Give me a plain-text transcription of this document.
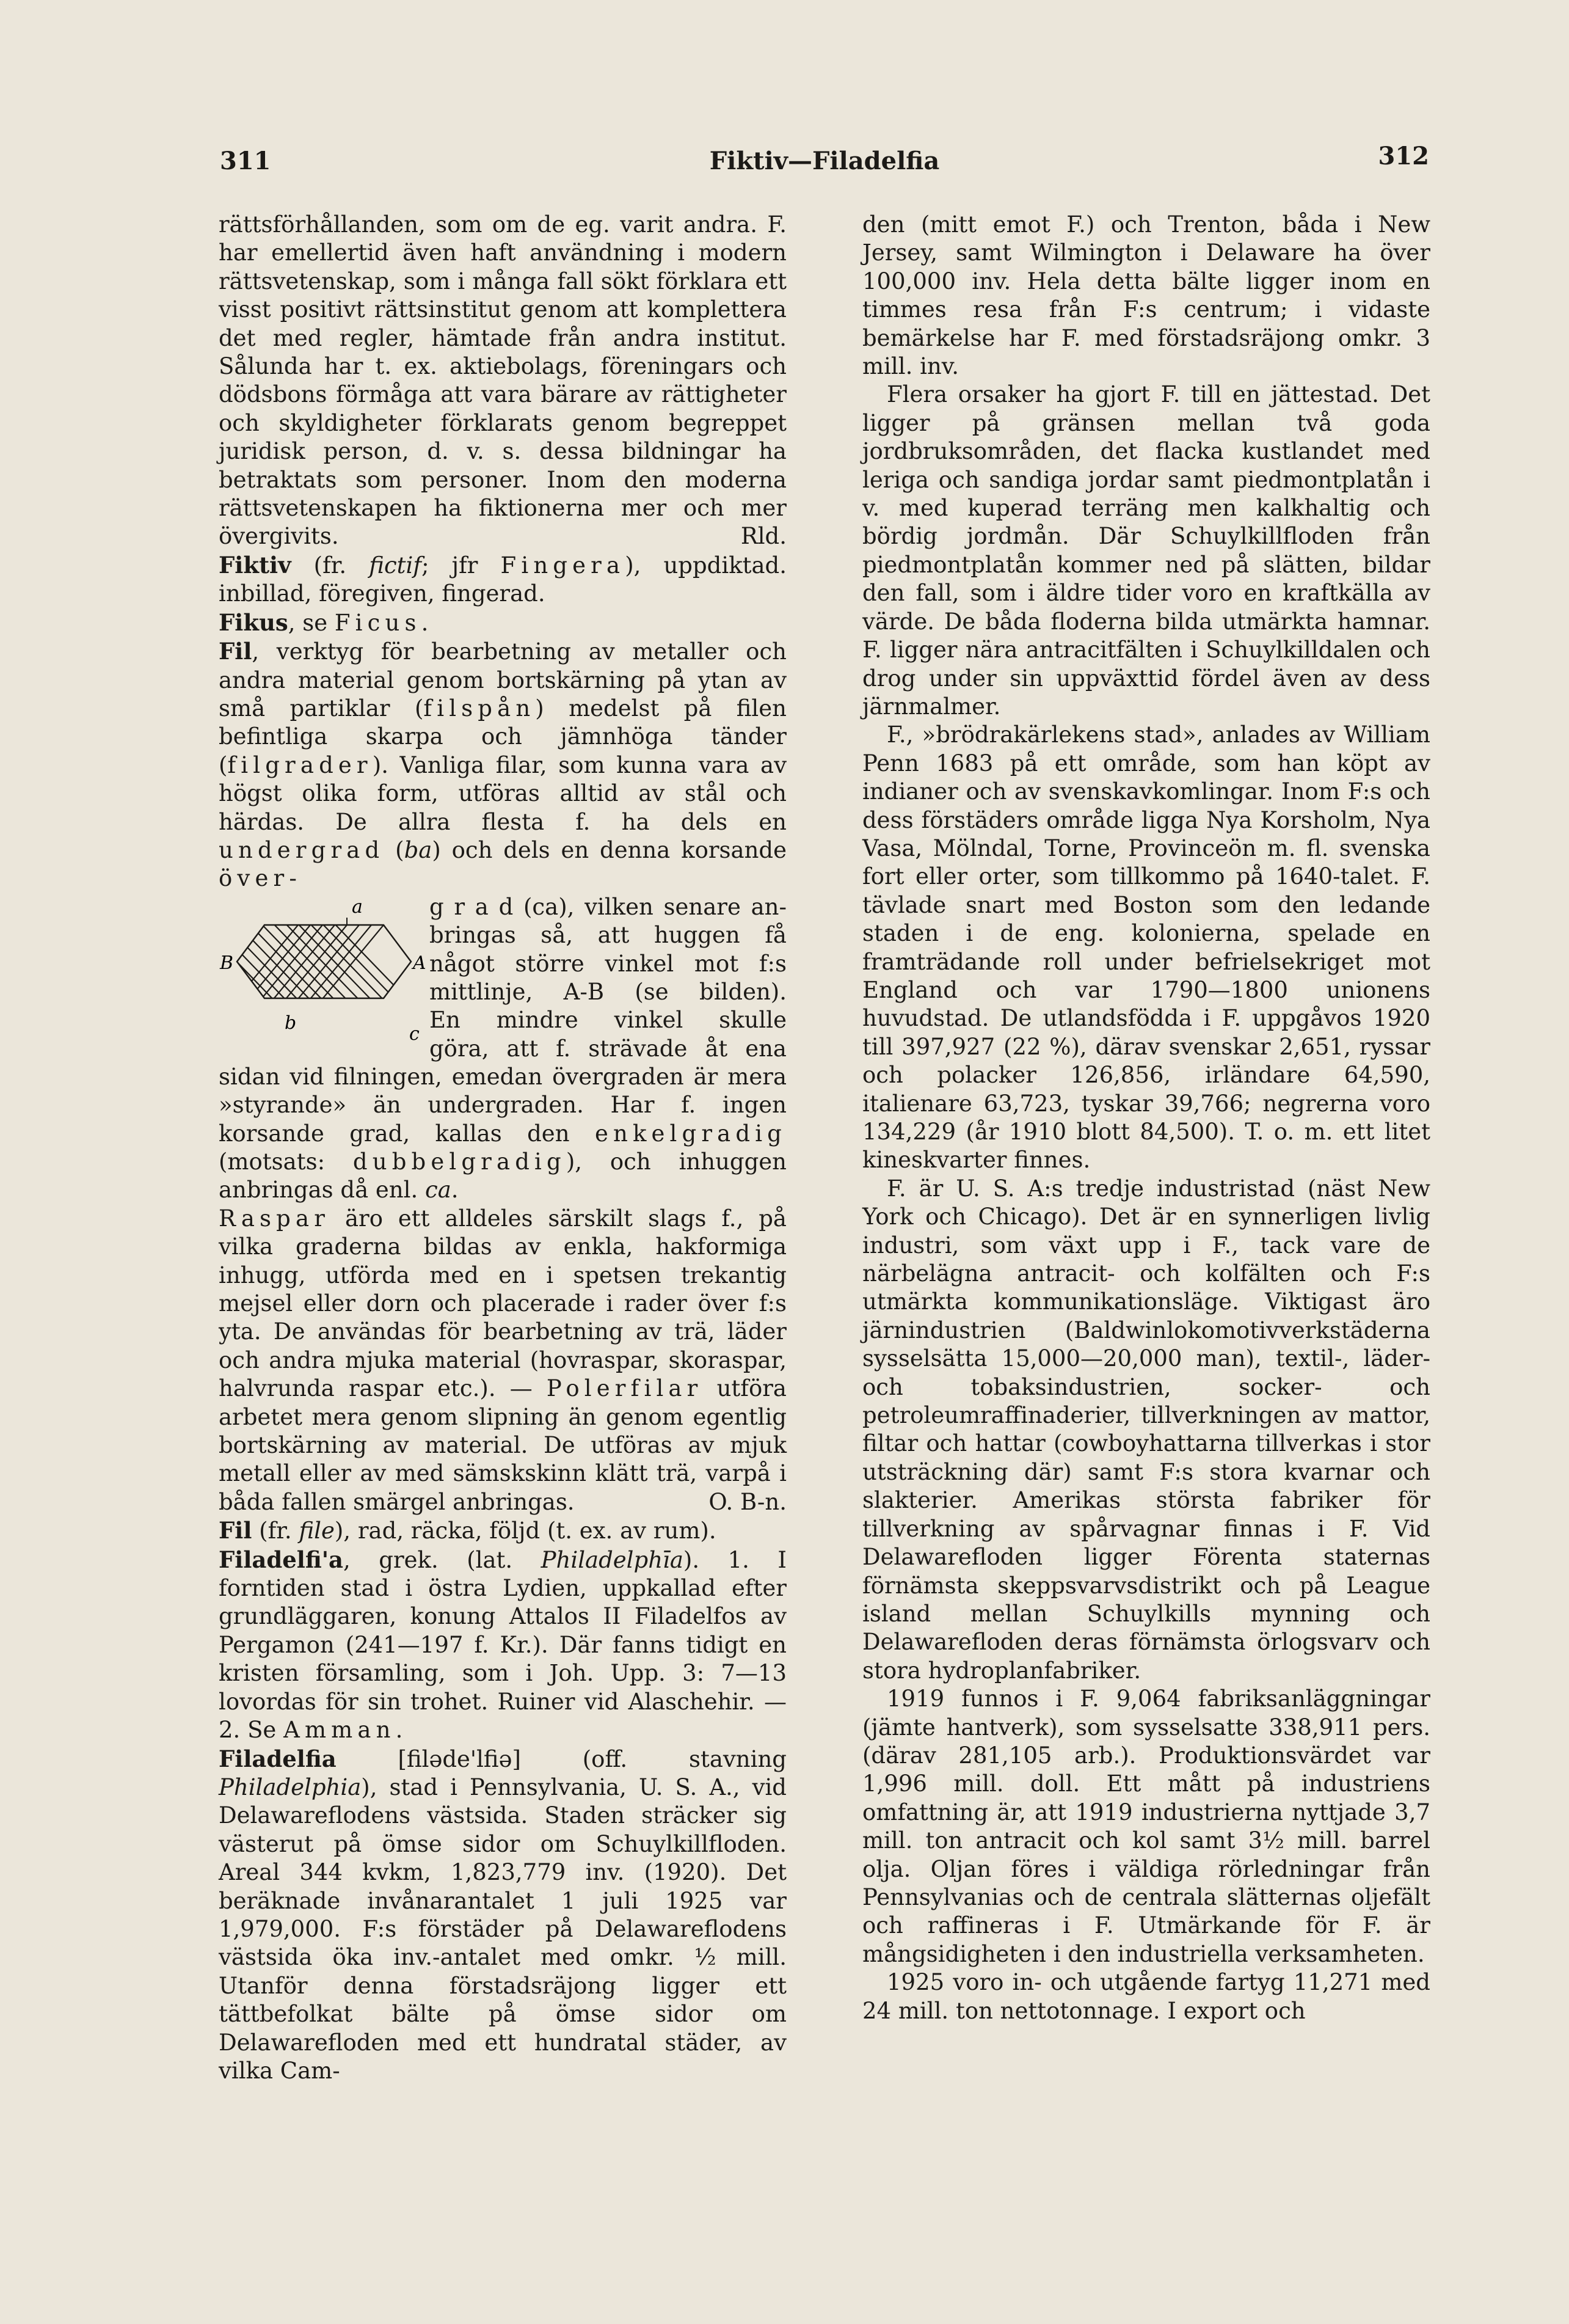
311	Fiktiv—Filadelfia	312

rättsförhållanden, som om de eg. varit andra. F. har emellertid även haft användning i modern rättsvetenskap, som i många fall sökt förklara ett visst positivt rättsinstitut genom att komplettera det med regler, hämtade från andra institut. Sålunda har t. ex. aktiebolags, föreningars och dödsbons förmåga att vara bärare av rättigheter och skyldigheter förklarats genom begreppet juridisk person, d. v. s. dessa bildningar ha betraktats som personer. Inom den moderna rättsvetenskapen ha fiktionerna mer och mer övergivits.	Rld.

Fiktiv (fr. fictif; jfr Fingera), uppdiktad. inbillad, föregiven, fingerad.

Fikus, se Ficus.

Fil, verktyg för bearbetning av metaller och andra material genom bortskärning på ytan av små partiklar (filspån) medelst på filen befintliga skarpa och jämnhöga tänder (filgrader). Vanliga filar, som kunna vara av högst olika form, utföras alltid av stål och härdas. De allra flesta f. ha dels en undergrad (ba) och dels en denna korsande över-

a
A
B
b
c
g r a d (ca), vilken senare an-
bringas så, att huggen få
något större vinkel mot f:s
mittlinje, A-B (se bilden).
En mindre vinkel skulle
göra, att f. strävade åt ena

sidan vid filningen, emedan övergraden är mera »styrande» än undergraden. Har f. ingen korsande grad, kallas den enkelgradig (motsats: dubbelgradig), och inhuggen anbringas då enl. ca.

Raspar äro ett alldeles särskilt slags f., på vilka graderna bildas av enkla, hakformiga inhugg, utförda med en i spetsen trekantig mejsel eller dorn och placerade i rader över f:s yta. De användas för bearbetning av trä, läder och andra mjuka material (hovraspar, skoraspar, halvrunda raspar etc.). — Polerfilar utföra arbetet mera genom slipning än genom egentlig bortskärning av material. De utföras av mjuk metall eller av med sämskskinn klätt trä, varpå i båda fallen smärgel anbringas.	O. B-n.

Fil (fr. file), rad, räcka, följd (t. ex. av rum).

Filadelfi'a, grek. (lat. Philadelphīa). 1. I forntiden stad i östra Lydien, uppkallad efter grundläggaren, konung Attalos II Filadelfos av Pergamon (241—197 f. Kr.). Där fanns tidigt en kristen församling, som i Joh. Upp. 3: 7—13 lovordas för sin trohet. Ruiner vid Alaschehir. — 2. Se Amman.

Filadelfia [filəde'lfiə] (off. stavning Philadelphia), stad i Pennsylvania, U. S. A., vid Delawareflodens västsida. Staden sträcker sig västerut på ömse sidor om Schuylkillfloden. Areal 344 kvkm, 1,823,779 inv. (1920). Det beräknade invånarantalet 1 juli 1925 var 1,979,000. F:s förstäder på Delawareflodens västsida öka inv.-antalet med omkr. ½ mill. Utanför denna förstadsräjong ligger ett tättbefolkat bälte på ömse sidor om Delawarefloden med ett hundratal städer, av vilka Cam-

den (mitt emot F.) och Trenton, båda i New Jersey, samt Wilmington i Delaware ha över 100,000 inv. Hela detta bälte ligger inom en timmes resa från F:s centrum; i vidaste bemärkelse har F. med förstadsräjong omkr. 3 mill. inv.

Flera orsaker ha gjort F. till en jättestad. Det ligger på gränsen mellan två goda jordbruksområden, det flacka kustlandet med leriga och sandiga jordar samt piedmontplatån i v. med kuperad terräng men kalkhaltig och bördig jordmån. Där Schuylkillfloden från piedmontplatån kommer ned på slätten, bildar den fall, som i äldre tider voro en kraftkälla av värde. De båda floderna bilda utmärkta hamnar. F. ligger nära antracitfälten i Schuylkilldalen och drog under sin uppväxttid fördel även av dess järnmalmer.

F., »brödrakärlekens stad», anlades av William Penn 1683 på ett område, som han köpt av indianer och av svenskavkomlingar. Inom F:s och dess förstäders område ligga Nya Korsholm, Nya Vasa, Mölndal, Torne, Provinceön m. fl. svenska fort eller orter, som tillkommo på 1640-talet. F. tävlade snart med Boston som den ledande staden i de eng. kolonierna, spelade en framträdande roll under befrielsekriget mot England och var 1790—1800 unionens huvudstad. De utlandsfödda i F. uppgåvos 1920 till 397,927 (22 %), därav svenskar 2,651, ryssar och polacker 126,856, irländare 64,590, italienare 63,723, tyskar 39,766; negrerna voro 134,229 (år 1910 blott 84,500). T. o. m. ett litet kineskvarter finnes.

F. är U. S. A:s tredje industristad (näst New York och Chicago). Det är en synnerligen livlig industri, som växt upp i F., tack vare de närbelägna antracit- och kolfälten och F:s utmärkta kommunikationsläge. Viktigast äro järnindustrien (Baldwinlokomotivverkstäderna sysselsätta 15,000—20,000 man), textil-, läder- och tobaksindustrien, socker- och petroleumraffinaderier, tillverkningen av mattor, filtar och hattar (cowboyhattarna tillverkas i stor utsträckning där) samt F:s stora kvarnar och slakterier. Amerikas största fabriker för tillverkning av spårvagnar finnas i F. Vid Delawarefloden ligger Förenta staternas förnämsta skeppsvarvsdistrikt och på League island mellan Schuylkills mynning och Delawarefloden deras förnämsta örlogsvarv och stora hydroplanfabriker.

1919 funnos i F. 9,064 fabriksanläggningar (jämte hantverk), som sysselsatte 338,911 pers. (därav 281,105 arb.). Produktionsvärdet var 1,996 mill. doll. Ett mått på industriens omfattning är, att 1919 industrierna nyttjade 3,7 mill. ton antracit och kol samt 3½ mill. barrel olja. Oljan föres i väldiga rörledningar från Pennsylvanias och de centrala slätternas oljefält och raffineras i F. Utmärkande för F. är mångsidigheten i den industriella verksamheten.

1925 voro in- och utgående fartyg 11,271 med 24 mill. ton nettotonnage. I export och
